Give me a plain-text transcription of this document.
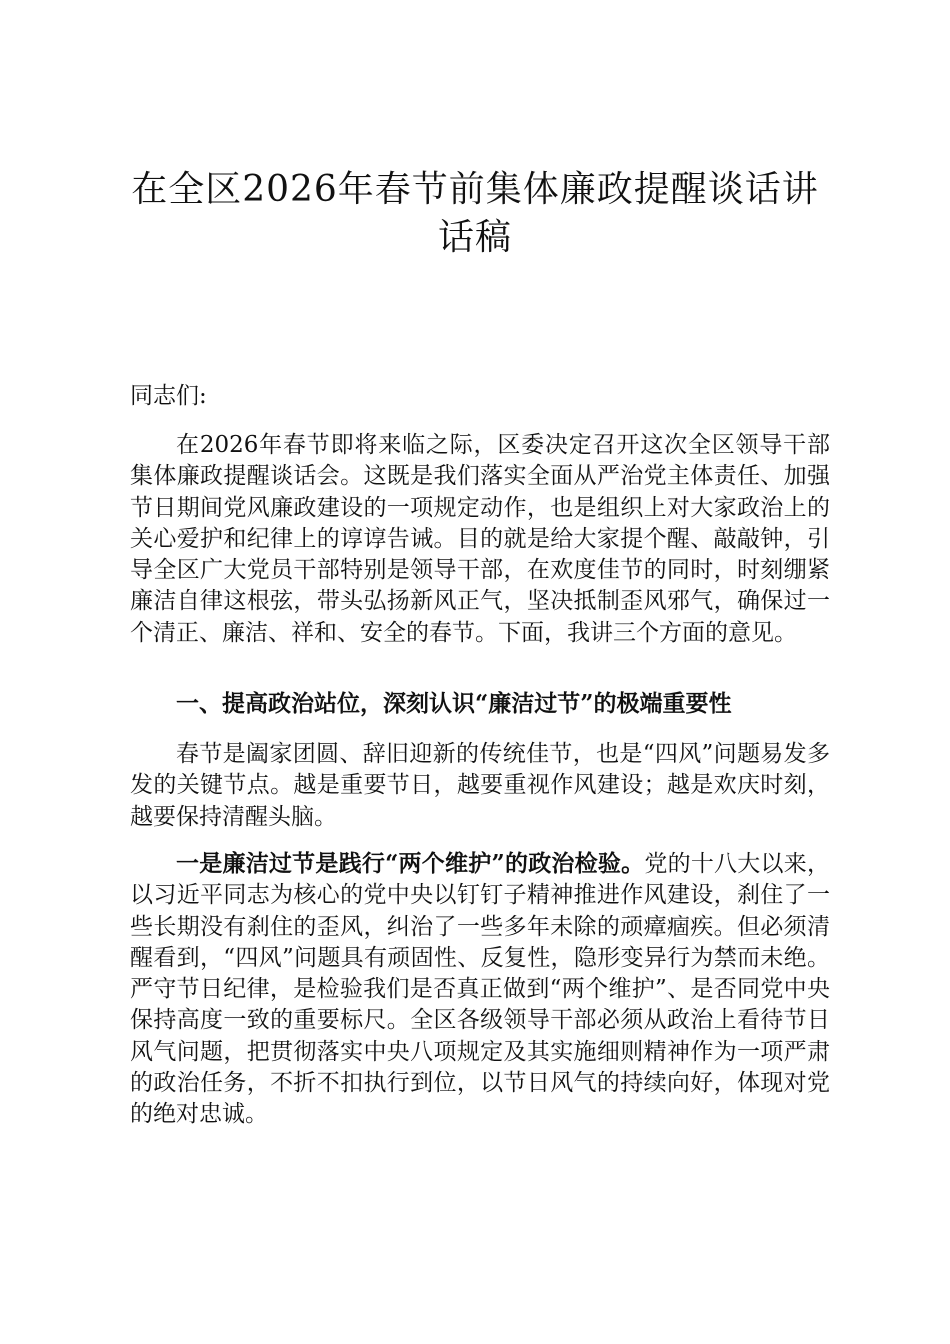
在全区2026年春节前集体廉政提醒谈话讲话稿
同志们:

在2026年春节即将来临之际，区委决定召开这次全区领导干部集体廉政提醒谈话会。这既是我们落实全面从严治党主体责任、加强节日期间党风廉政建设的一项规定动作，也是组织上对大家政治上的关心爱护和纪律上的谆谆告诫。目的就是给大家提个醒、敲敲钟，引导全区广大党员干部特别是领导干部，在欢度佳节的同时，时刻绷紧廉洁自律这根弦，带头弘扬新风正气，坚决抵制歪风邪气，确保过一个清正、廉洁、祥和、安全的春节。下面，我讲三个方面的意见。

一、提高政治站位，深刻认识“廉洁过节”的极端重要性

春节是阖家团圆、辞旧迎新的传统佳节，也是“四风”问题易发多发的关键节点。越是重要节日，越要重视作风建设；越是欢庆时刻，越要保持清醒头脑。

一是廉洁过节是践行“两个维护”的政治检验。党的十八大以来，以习近平同志为核心的党中央以钉钉子精神推进作风建设，刹住了一些长期没有刹住的歪风，纠治了一些多年未除的顽瘴痼疾。但必须清醒看到，“四风”问题具有顽固性、反复性，隐形变异行为禁而未绝。严守节日纪律，是检验我们是否真正做到“两个维护”、是否同党中央保持高度一致的重要标尺。全区各级领导干部必须从政治上看待节日风气问题，把贯彻落实中央八项规定及其实施细则精神作为一项严肃的政治任务，不折不扣执行到位，以节日风气的持续向好，体现对党的绝对忠诚。
